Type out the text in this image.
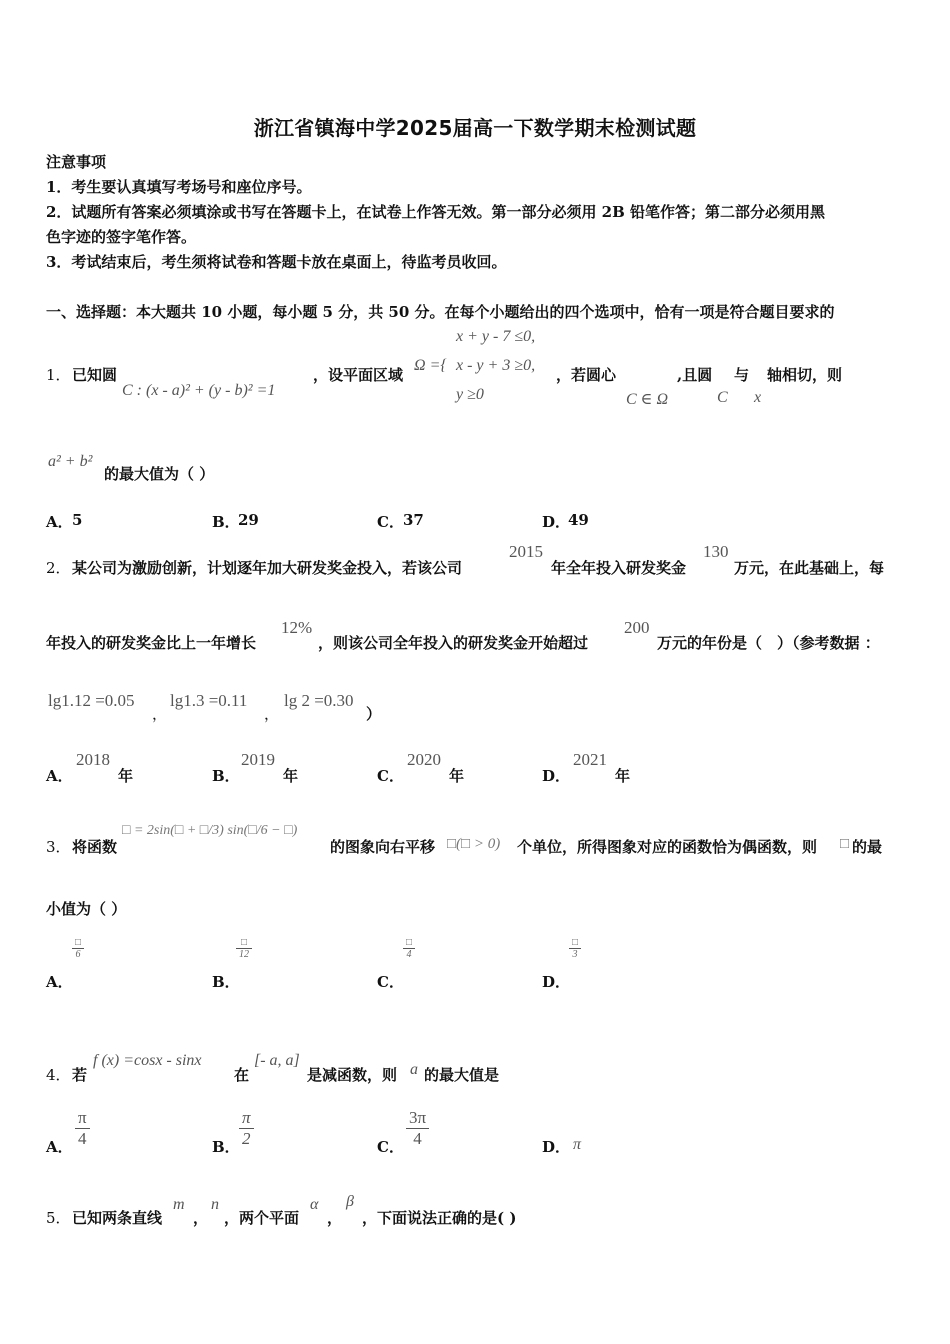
浙江省镇海中学2025届高一下数学期末检测试题
注意事项
1．考生要认真填写考场号和座位序号。
2．试题所有答案必须填涂或书写在答题卡上，在试卷上作答无效。第一部分必须用 2B 铅笔作答；第二部分必须用黑
色字迹的签字笔作答。
3．考试结束后，考生须将试卷和答题卡放在桌面上，待监考员收回。
一、选择题：本大题共 10 小题，每小题 5 分，共 50 分。在每个小题给出的四个选项中，恰有一项是符合题目要求的
1． 已知圆
C : (x - a)² + (y - b)² =1
，设平面区域
Ω ={
x + y - 7 ≤0,
x - y + 3 ≥0,
y ≥0
，若圆心
C ∈ Ω
,且圆
C
与
x
轴相切，则
a² + b²
的最大值为（ ）
A． 5	B．
29	C． 37	D．
49
2． 某公司为激励创新，计划逐年加大研发奖金投入，若该公司
2015
年全年投入研发奖金
130
万元，在此基础上，每
年投入的研发奖金比上一年增长
12%
，则该公司全年投入的研发奖金开始超过
200
万元的年份是（　）（参考数据 ：
lg1.12 =0.05
，
lg1.3 =0.11
，
lg 2 =0.30
）
A．
2018
年	B．
2019
年	C．
2020
年	D．
2021
年
3． 将函数
□ = 2sin(□ + □/3) sin(□/6 − □)
的图象向右平移 □(□ > 0) 个单位，所得图象对应的函数恰为偶函数，则 □ 的最
小值为（ ）
A．
□
6
B．
□
12
C．
□
4
D．
□
3
4． 若
f (x) =cosx - sinx
在
[- a, a]
是减函数，则 a 的最大值是
A． $\frac{\pi}{4}$	B． $\frac{\pi}{2}$	C． $\frac{3\pi}{4}$	D． π
5． 已知两条直线
m
，
n
，两个平面
α
，
β
，下面说法正确的是( )
